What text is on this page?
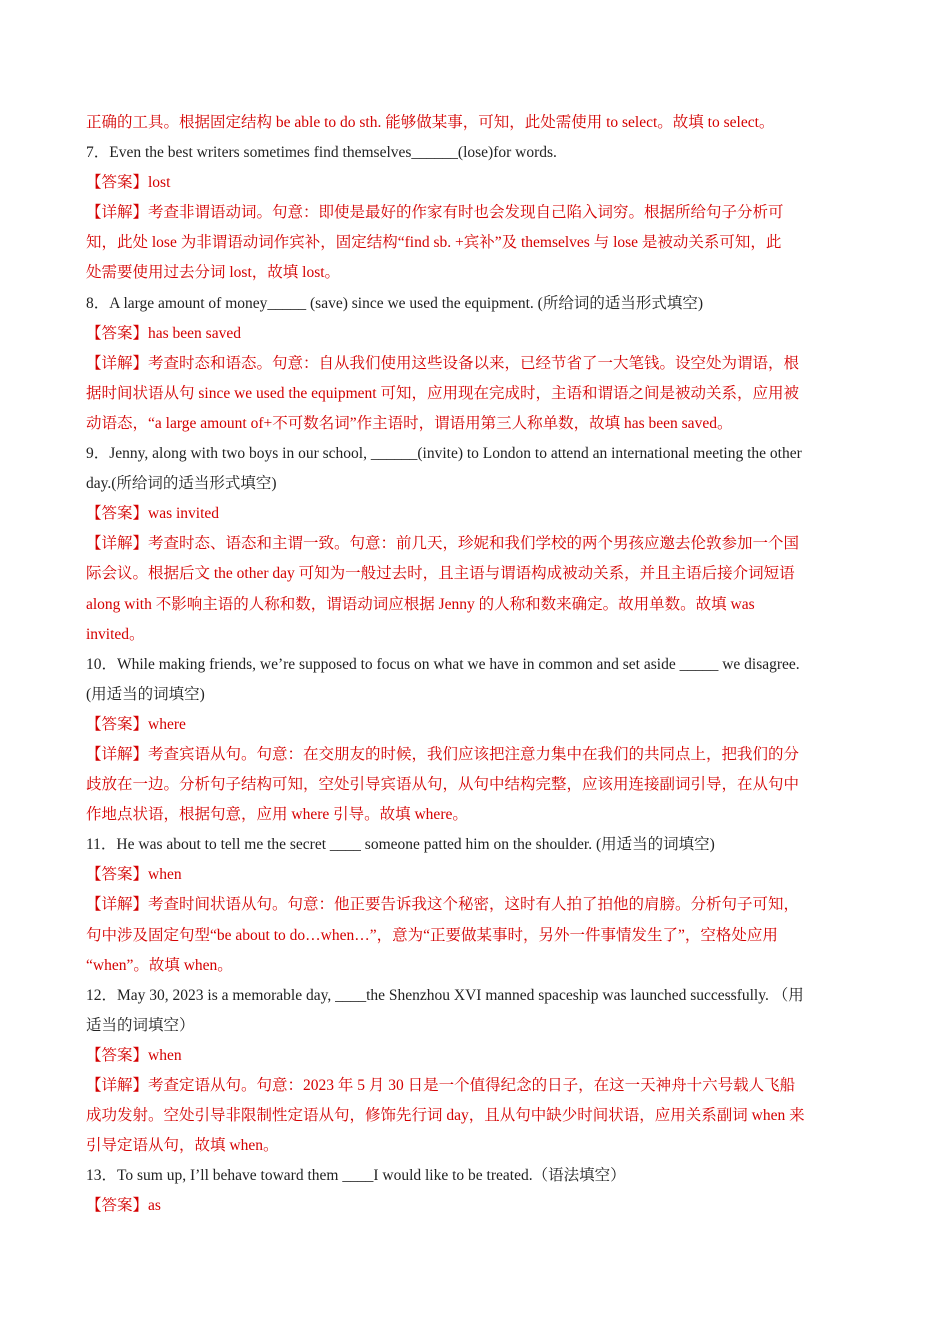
正确的工具。根据固定结构 be able to do sth. 能够做某事，可知，此处需使用 to select。故填 to select。
7．Even the best writers sometimes find themselves______(lose)for words.
【答案】lost
【详解】考查非谓语动词。句意：即使是最好的作家有时也会发现自己陷入词穷。根据所给句子分析可
知，此处 lose 为非谓语动词作宾补，固定结构“find sb. +宾补”及 themselves 与 lose 是被动关系可知，此
处需要使用过去分词 lost，故填 lost。
8．A large amount of money_____ (save) since we used the equipment. (所给词的适当形式填空)
【答案】has been saved
【详解】考查时态和语态。句意：自从我们使用这些设备以来，已经节省了一大笔钱。设空处为谓语，根
据时间状语从句 since we used the equipment 可知，应用现在完成时，主语和谓语之间是被动关系，应用被
动语态，“a large amount of+不可数名词”作主语时，谓语用第三人称单数，故填 has been saved。
9．Jenny, along with two boys in our school, ______(invite) to London to attend an international meeting the other
day.(所给词的适当形式填空)
【答案】was invited
【详解】考查时态、语态和主谓一致。句意：前几天，珍妮和我们学校的两个男孩应邀去伦敦参加一个国
际会议。根据后文 the other day 可知为一般过去时，且主语与谓语构成被动关系，并且主语后接介词短语
along with 不影响主语的人称和数，谓语动词应根据 Jenny 的人称和数来确定。故用单数。故填 was
invited。
10．While making friends, we’re supposed to focus on what we have in common and set aside _____ we disagree.
(用适当的词填空)
【答案】where
【详解】考查宾语从句。句意：在交朋友的时候，我们应该把注意力集中在我们的共同点上，把我们的分
歧放在一边。分析句子结构可知，空处引导宾语从句，从句中结构完整，应该用连接副词引导，在从句中
作地点状语，根据句意，应用 where 引导。故填 where。
11．He was about to tell me the secret ____ someone patted him on the shoulder. (用适当的词填空)
【答案】when
【详解】考查时间状语从句。句意：他正要告诉我这个秘密，这时有人拍了拍他的肩膀。分析句子可知，
句中涉及固定句型“be about to do…when…”，意为“正要做某事时，另外一件事情发生了”，空格处应用
“when”。故填 when。
12．May 30, 2023 is a memorable day, ____the Shenzhou XVI manned spaceship was launched successfully. （用
适当的词填空）
【答案】when
【详解】考查定语从句。句意：2023 年 5 月 30 日是一个值得纪念的日子，在这一天神舟十六号载人飞船
成功发射。空处引导非限制性定语从句，修饰先行词 day，且从句中缺少时间状语，应用关系副词 when 来
引导定语从句，故填 when。
13．To sum up, I’ll behave toward them ____I would like to be treated.（语法填空）
【答案】as
